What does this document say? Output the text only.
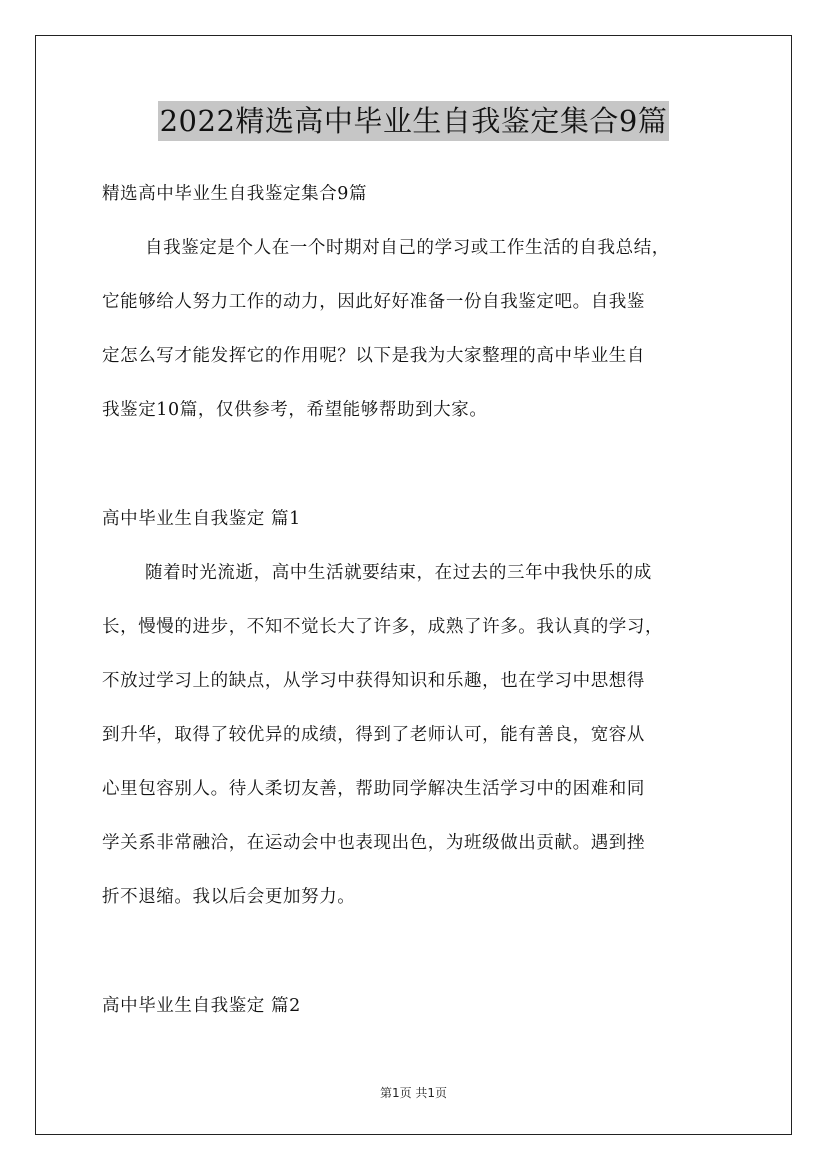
2022精选高中毕业生自我鉴定集合9篇
精选高中毕业生自我鉴定集合9篇
自我鉴定是个人在一个时期对自己的学习或工作生活的自我总结，
它能够给人努力工作的动力，因此好好准备一份自我鉴定吧。自我鉴
定怎么写才能发挥它的作用呢？以下是我为大家整理的高中毕业生自
我鉴定10篇，仅供参考，希望能够帮助到大家。
高中毕业生自我鉴定 篇1
随着时光流逝，高中生活就要结束，在过去的三年中我快乐的成
长，慢慢的进步，不知不觉长大了许多，成熟了许多。我认真的学习，
不放过学习上的缺点，从学习中获得知识和乐趣，也在学习中思想得
到升华，取得了较优异的成绩，得到了老师认可，能有善良，宽容从
心里包容别人。待人柔切友善，帮助同学解决生活学习中的困难和同
学关系非常融洽，在运动会中也表现出色，为班级做出贡献。遇到挫
折不退缩。我以后会更加努力。
高中毕业生自我鉴定 篇2
第1页 共1页
